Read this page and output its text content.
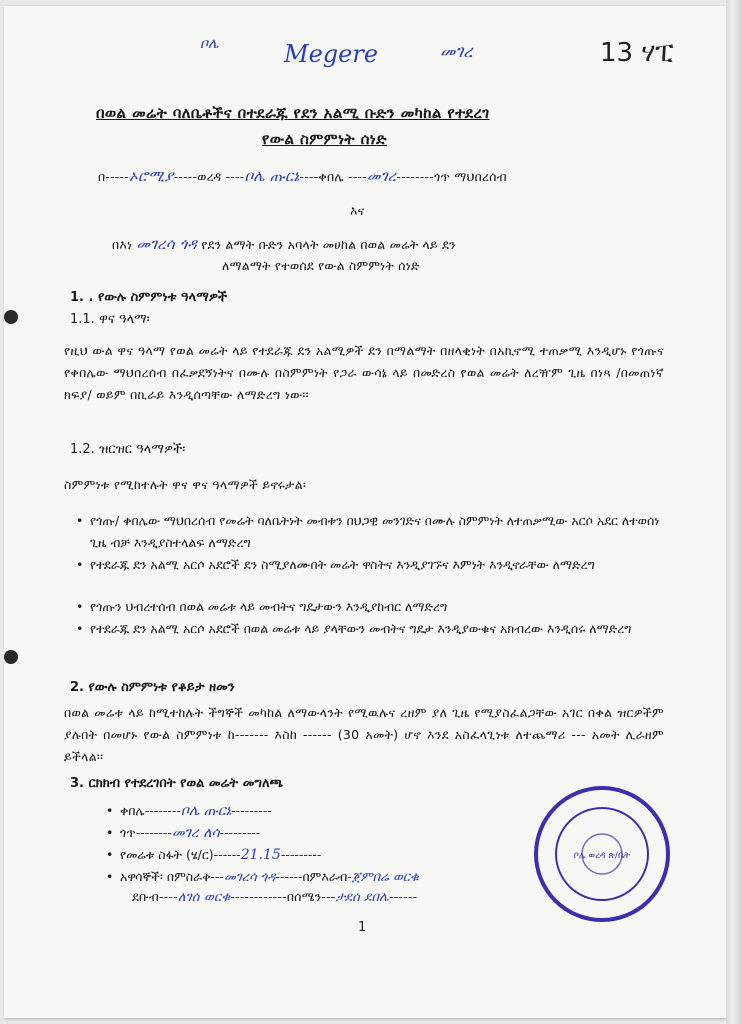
ቦሌ	Megere	መገረ	13 ሃፒ
በወል መሬት ባለቤቶችና በተደራጁ የደን አልሚ ቡድን መካከል የተደረገ
የውል ስምምነት ሰነድ
በ-----ኦሮሚያ-----ወረዳ ----ቦሌ ጡርኔ----ቀበሌ ----መገረ--------ጎጥ ማህበረሰብ
እና
በእነ መገረሳ ጎዳ የደን ልማት ቡድን አባላት መሀከል በወል መሬት ላይ ደን
ለማልማት የተወሰደ የውል ስምምነት ሰነድ
1. . የውሉ ስምምነቱ ዓላማዎች
1.1. ዋና ዓላማ፡
የዚህ ውል ዋና ዓላማ የወል መሬት ላይ የተደራጁ ደን አልሚዎች ደን በማልማት በዘላቂነት በአኪኖሚ ተጠቃሚ እንዲሆኑ የጎጡና የቀበሌው ማህበረሰብ በፈቃደኝነትና በሙሉ በስምምነት የጋራ ውሳኔ ላይ በመድረስ የወል መሬት ለረዥም ጊዜ በነጻ /በመጠነኛ ክፍያ/ ወይም በኪራይ እንዲሰጣቸው ለማድረግ ነው፡፡
1.2. ዝርዝር ዓላማዎች፡
ስምምነቱ የሚከተሉት ዋና ዋና ዓላማዎች ይኖሩታል፡
• የጎጡ/ ቀበሌው ማህበረሰብ የመሬት ባለቤትነት መብቱን በህጋዊ መንገድና በሙሉ ስምምነት ለተጠቃሚው አርሶ አደር ለተወሰነ ጊዜ ብቻ እንዲያስተላልፍ ለማድረግ
• የተደራጁ ደን አልሚ አርሶ አደሮች ደን ስሚያለሙበት መሬት ዋስትና እንዲያገኙና እምነት እንዲኖራቸው ለማድረግ
• የጎጡን ህብረተሰብ በወል መሬቱ ላይ መብትና ግዴታውን እንዲያከብር ለማድረግ
• የተደራጁ ደን አልሚ አርሶ አደሮች በወል መሬቱ ላይ ያላቸውን መብትና ግዴታ እንዲያውቁና አክብረው እንዲሰሩ ለማድረግ
2. የውሉ ስምምነቱ የቆይታ ዘመን
በወል መሬቱ ላይ ከሚተከሉት ችግኞች መካከል ለማውላንት የሚዉሉና ረዘም ያለ ጊዜ የሚያስፈልጋቸው አገር በቀል ዝርዎችም ያሉበት በመሆኑ የውል ስምምነቱ ከ------- እስከ ------ (30 አመት) ሆኖ እንደ አስፈላጊነቱ ለተጨማሪ --- አመት ሊራዘም ይችላል፡፡
3. ርክክብ የተደረገበት የወል መሬት መግለጫ
• ቀበሌ--------ቦሌ ጡርኔ---------
• ጎጥ--------መገረ ለሳ---------
• የመሬቱ ስፋት (ሄ/ር)------21.15---------
• አዋሳኞች፡ በምስራቅ---መገረሳ ጎዳ------በምእራብ-ጀምበሬ ወርቁ
ደቡብ----ለገሰ ወርቁ------------በሰሜን---ታደሰ ደበሌ------
ቦሌ ወረዳ ጽ/ቤት
1
